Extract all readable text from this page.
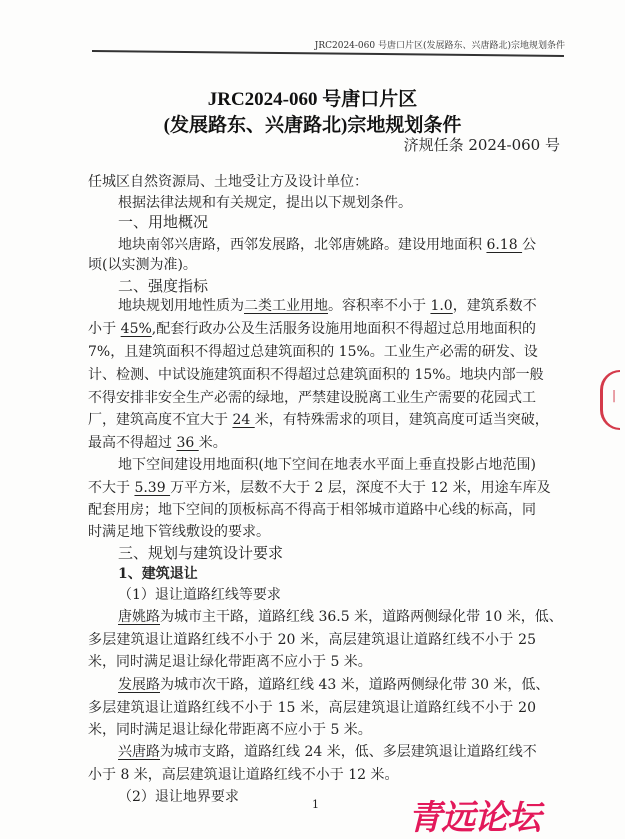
JRC2024-060 号唐口片区(发展路东、兴唐路北)宗地规划条件
JRC2024-060 号唐口片区
(发展路东、兴唐路北)宗地规划条件
济规任条 2024-060 号
任城区自然资源局、土地受让方及设计单位：
根据法律法规和有关规定，提出以下规划条件。
一、用地概况
地块南邻兴唐路，西邻发展路，北邻唐姚路。建设用地面积 6.18 公
顷(以实测为准)。
二、强度指标
地块规划用地性质为二类工业用地。容积率不小于 1.0，建筑系数不
小于 45%,配套行政办公及生活服务设施用地面积不得超过总用地面积的
7%，且建筑面积不得超过总建筑面积的 15%。工业生产必需的研发、设
计、检测、中试设施建筑面积不得超过总建筑面积的 15%。地块内部一般
不得安排非安全生产必需的绿地，严禁建设脱离工业生产需要的花园式工
厂，建筑高度不宜大于 24 米，有特殊需求的项目，建筑高度可适当突破，
最高不得超过 36 米。
地下空间建设用地面积(地下空间在地表水平面上垂直投影占地范围)
不大于 5.39 万平方米，层数不大于 2 层，深度不大于 12 米，用途车库及
配套用房；地下空间的顶板标高不得高于相邻城市道路中心线的标高，同
时满足地下管线敷设的要求。
三、规划与建筑设计要求
1、建筑退让
（1）退让道路红线等要求
唐姚路为城市主干路，道路红线 36.5 米，道路两侧绿化带 10 米，低、
多层建筑退让道路红线不小于 20 米，高层建筑退让道路红线不小于 25
米，同时满足退让绿化带距离不应小于 5 米。
发展路为城市次干路，道路红线 43 米，道路两侧绿化带 30 米，低、
多层建筑退让道路红线不小于 15 米，高层建筑退让道路红线不小于 20
米，同时满足退让绿化带距离不应小于 5 米。
兴唐路为城市支路，道路红线 24 米，低、多层建筑退让道路红线不
小于 8 米，高层建筑退让道路红线不小于 12 米。
（2）退让地界要求	1
|
青远论坛
